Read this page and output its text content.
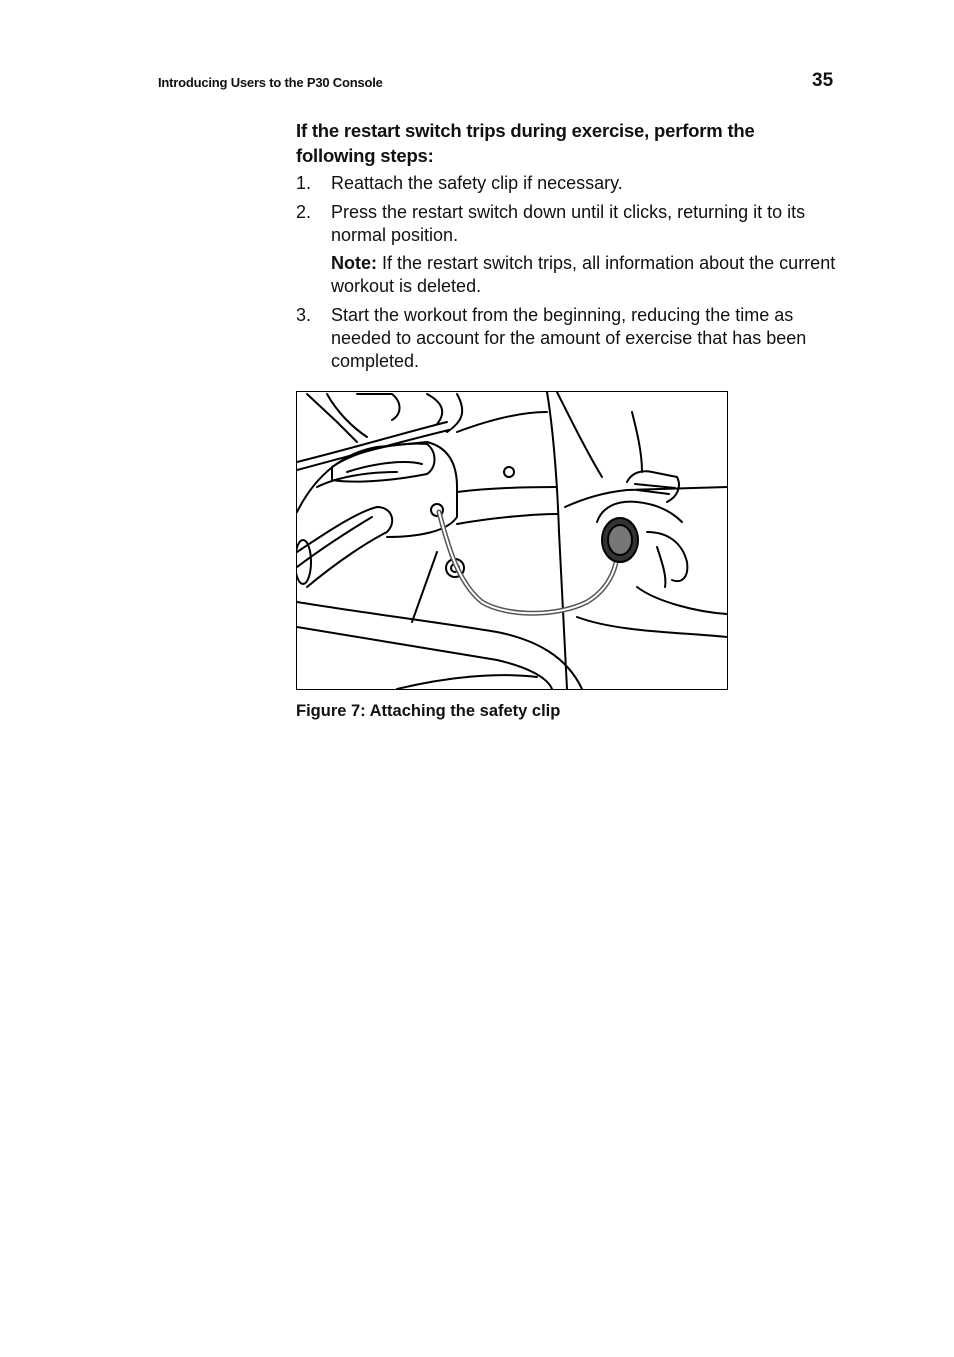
Introducing Users to the P30 Console	35

If the restart switch trips during exercise, perform the following steps:

1.	Reattach the safety clip if necessary.
2.	Press the restart switch down until it clicks, returning it to its normal position.
Note: If the restart switch trips, all information about the current workout is deleted.
3.	Start the workout from the beginning, reducing the time as needed to account for the amount of exercise that has been completed.
Figure 7: Attaching the safety clip
